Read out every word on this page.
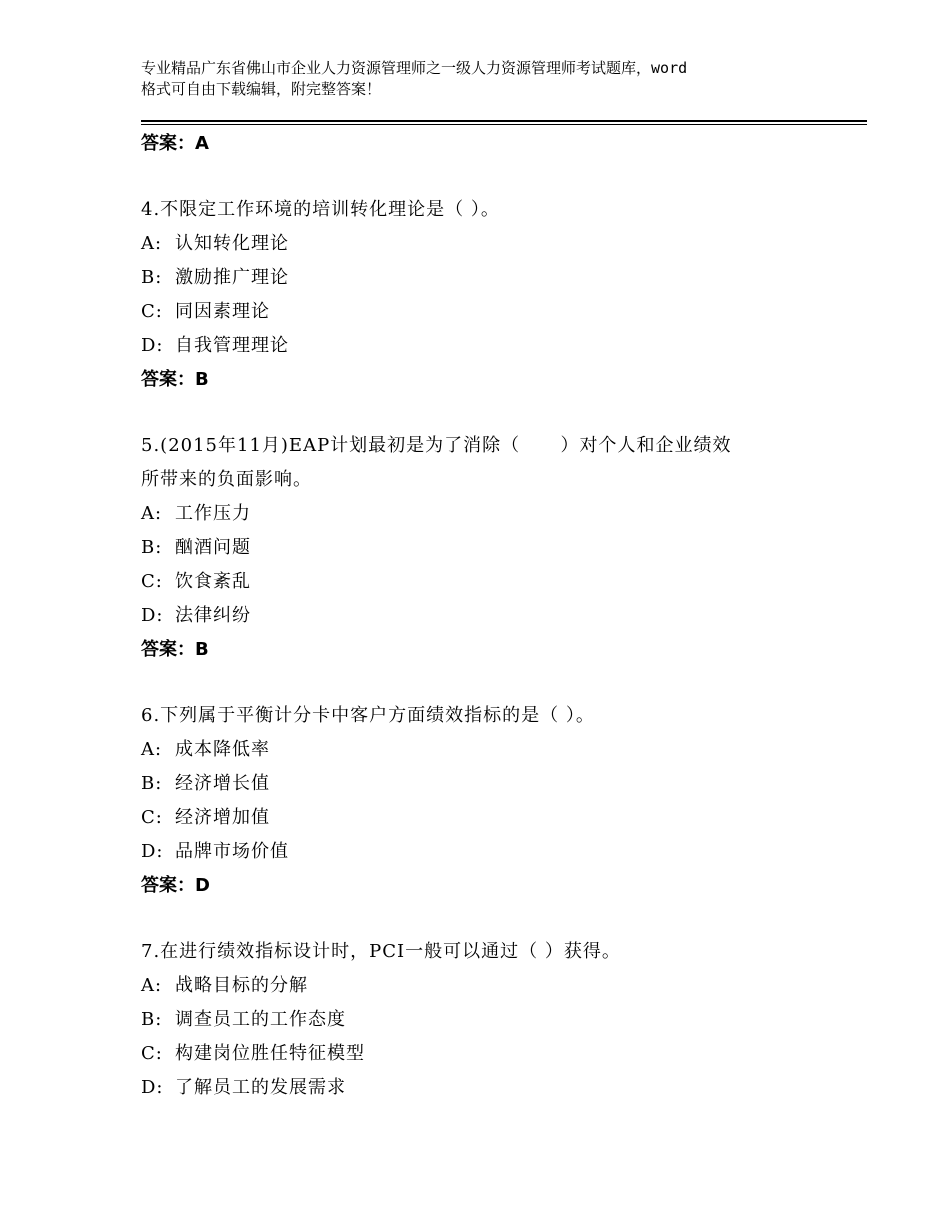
专业精品广东省佛山市企业人力资源管理师之一级人力资源管理师考试题库，word
格式可自由下载编辑，附完整答案！
答案：A
4.不限定工作环境的培训转化理论是（ ）。
A: 认知转化理论
B: 激励推广理论
C: 同因素理论
D: 自我管理理论
答案：B
5.(2015年11月)EAP计划最初是为了消除（      ）对个人和企业绩效
所带来的负面影响。
A: 工作压力
B: 酗酒问题
C: 饮食紊乱
D: 法律纠纷
答案：B
6.下列属于平衡计分卡中客户方面绩效指标的是（ ）。
A: 成本降低率
B: 经济增长值
C: 经济增加值
D: 品牌市场价值
答案：D
7.在进行绩效指标设计时，PCI一般可以通过（ ）获得。
A: 战略目标的分解
B: 调查员工的工作态度
C: 构建岗位胜任特征模型
D: 了解员工的发展需求
